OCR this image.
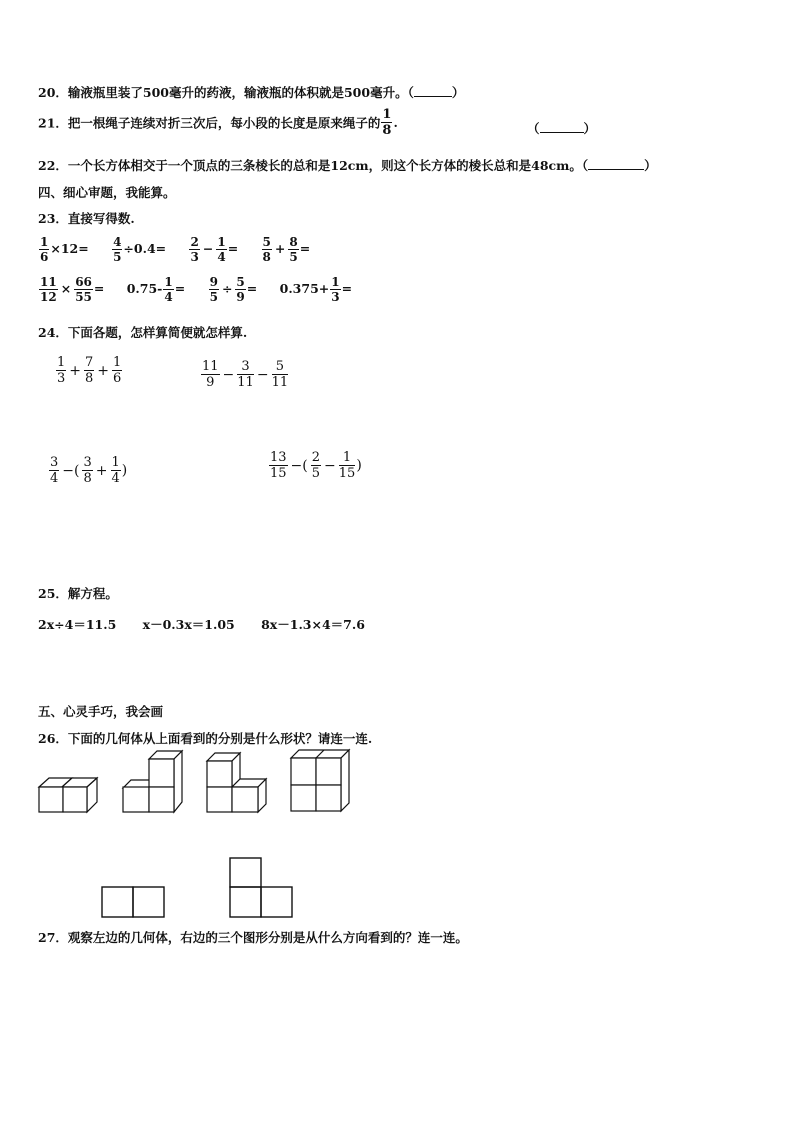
20．输液瓶里装了500毫升的药液，输液瓶的体积就是500毫升。（	）
21．把一根绳子连续对折三次后，每小段的长度是原来绳子的 $\frac{1}{8}$ .	（	）
22．一个长方体相交于一个顶点的三条棱长的总和是12cm，则这个长方体的棱长总和是48cm。（	）
四、细心审题，我能算。
23．直接写得数.
$\frac{1}{6} \times 12= \frac{4}{5} \div 0.4= \frac{2}{3} - \frac{1}{4} = \frac{5}{8} + \frac{8}{5}$ =
$\frac{11}{12} \times \frac{66}{55} = 0.75- \frac{1}{4} = \frac{9}{5} \div \frac{5}{9} = 0.375+ \frac{1}{3}$ =
24．下面各题，怎样算简便就怎样算.
$\frac{1}{3} + \frac{7}{8} + \frac{1}{6}$	$\frac{11}{9} - \frac{3}{11} - \frac{5}{11}$
$\frac{3}{4}$ −( $\frac{3}{8} + \frac{1}{4}$ )	$\frac{13}{15}$ −( $\frac{2}{5} - \frac{1}{15}$ )
25．解方程。
2x÷4＝11.5 x－0.3x＝1.05 8x－1.3×4＝7.6
五、心灵手巧，我会画
26．下面的几何体从上面看到的分别是什么形状？请连一连.
27．观察左边的几何体，右边的三个图形分别是从什么方向看到的？连一连。
